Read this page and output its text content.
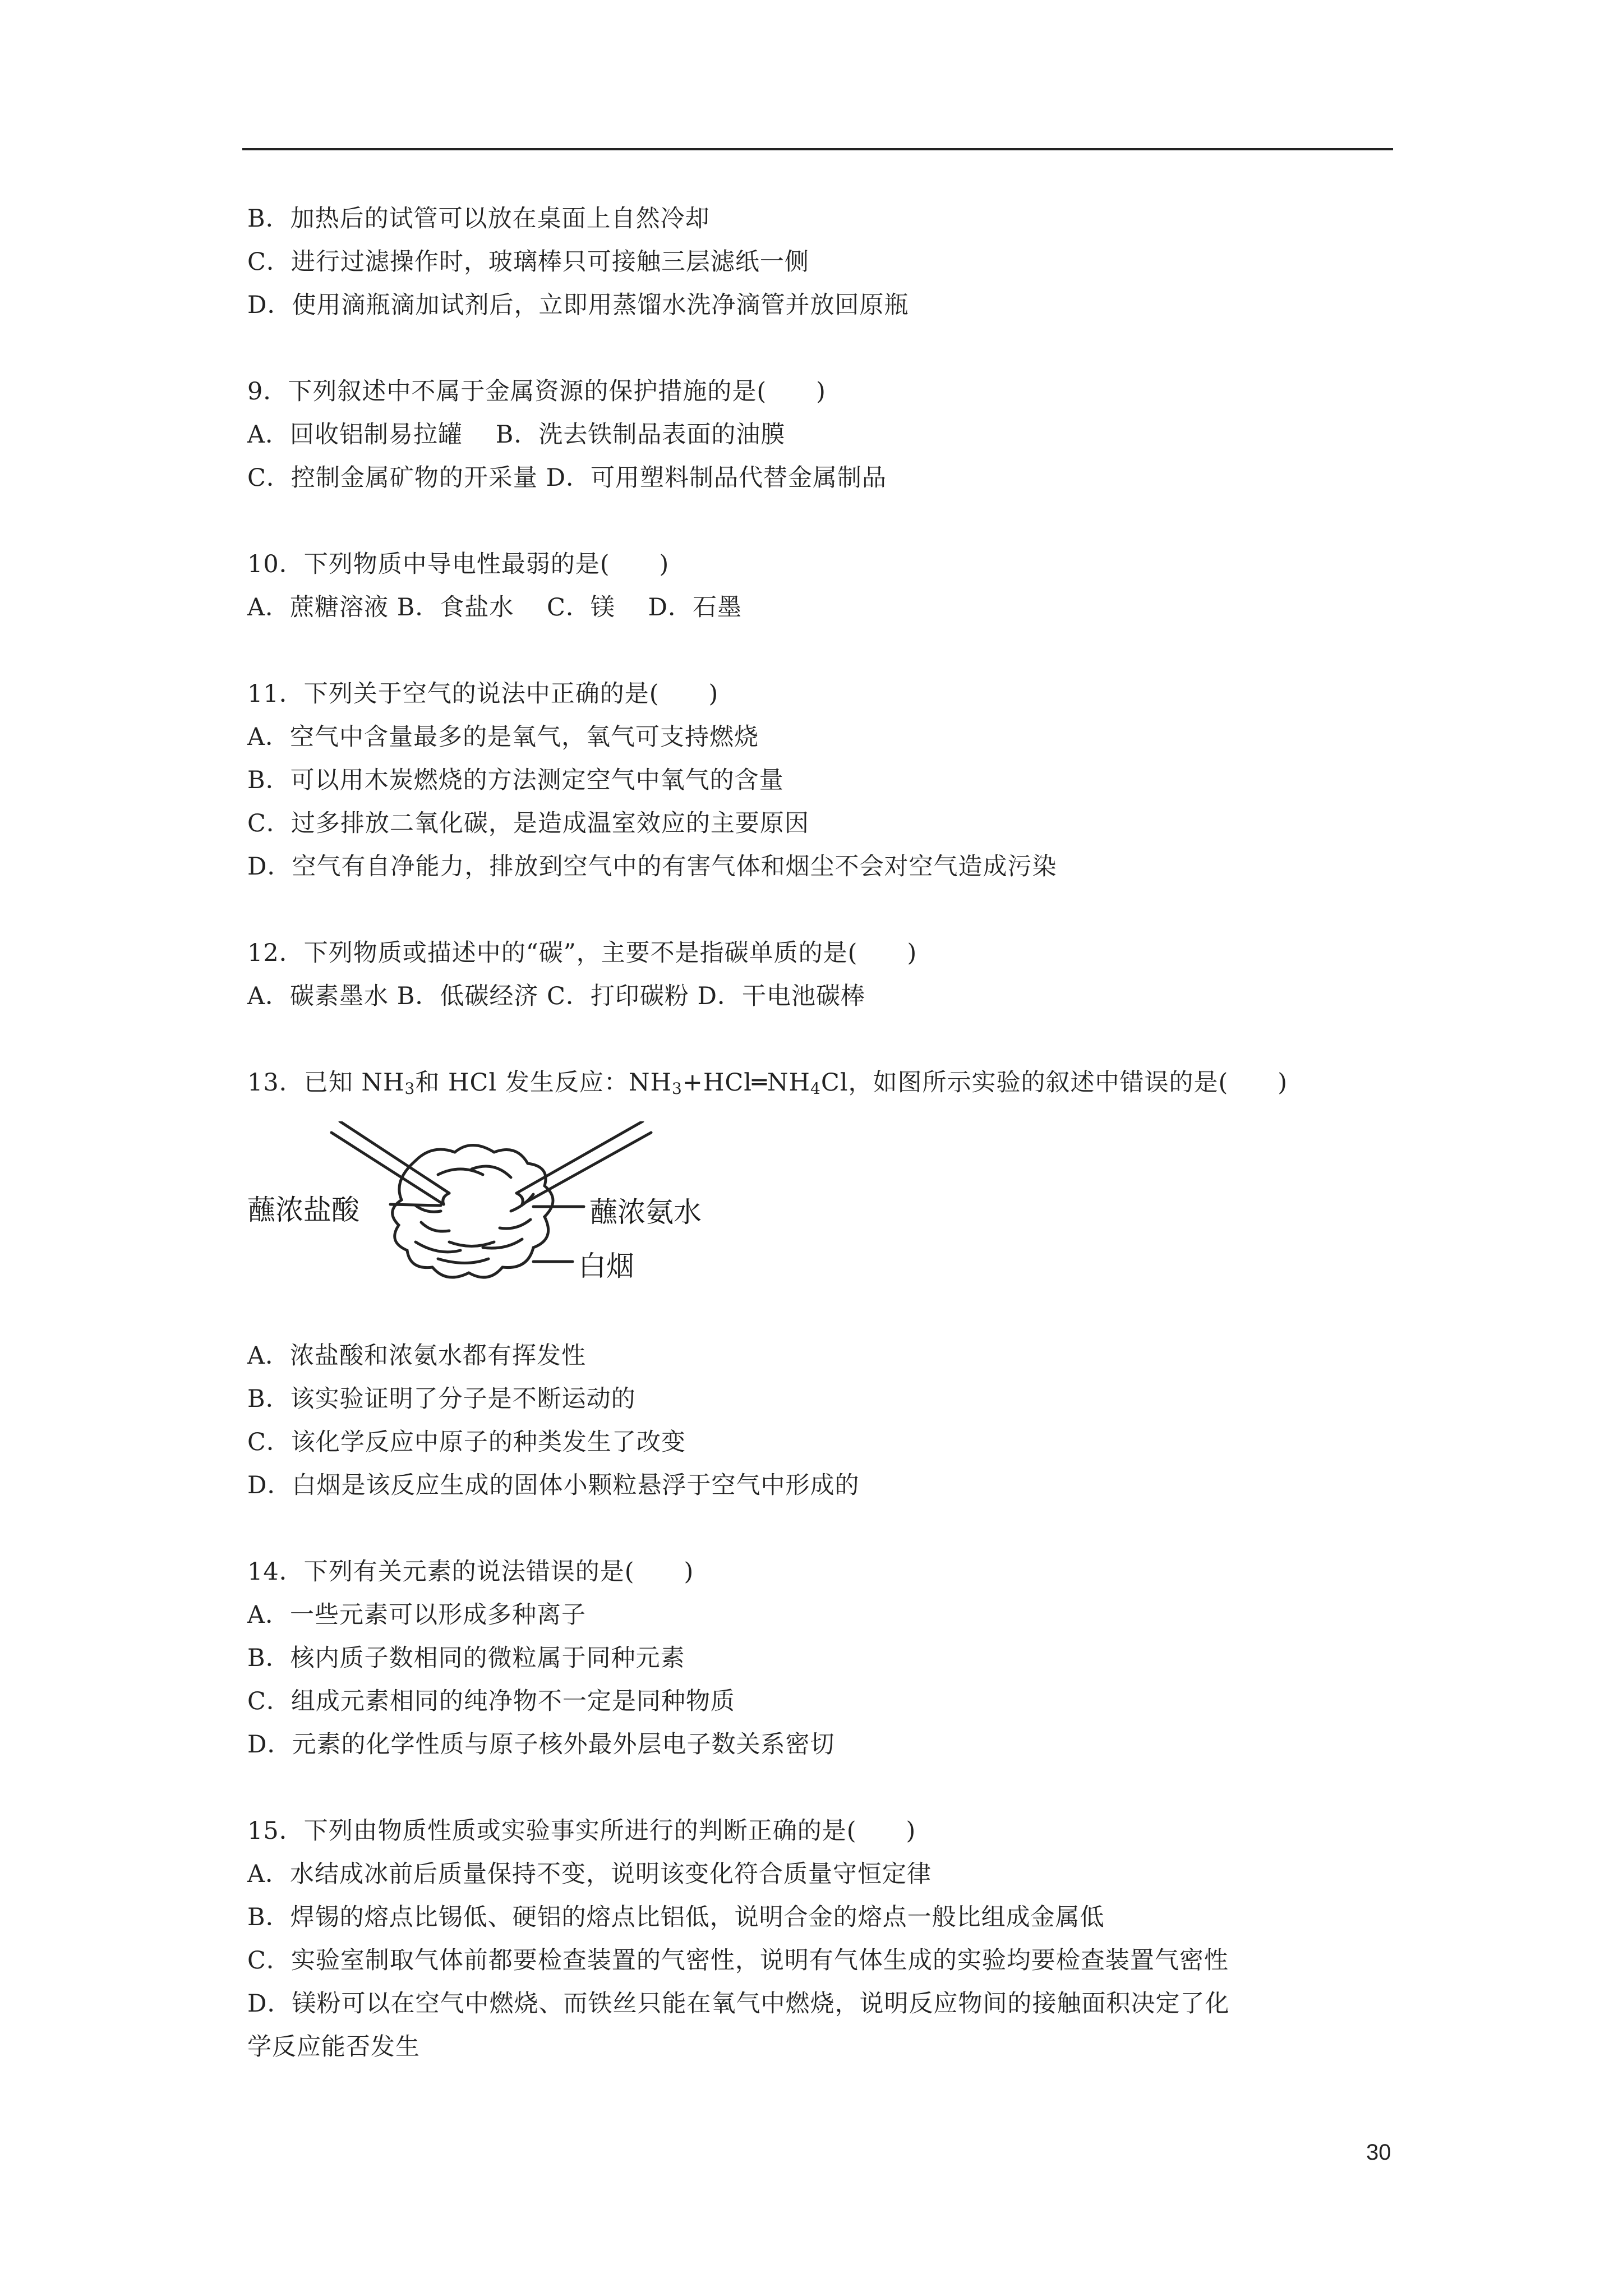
B．加热后的试管可以放在桌面上自然冷却
C．进行过滤操作时，玻璃棒只可接触三层滤纸一侧
D．使用滴瓶滴加试剂后，立即用蒸馏水洗净滴管并放回原瓶
9．下列叙述中不属于金属资源的保护措施的是(　　)
A．回收铝制易拉罐　 B．洗去铁制品表面的油膜
C．控制金属矿物的开采量 D．可用塑料制品代替金属制品
10．下列物质中导电性最弱的是(　　)
A．蔗糖溶液 B．食盐水　 C．镁　 D．石墨
11．下列关于空气的说法中正确的是(　　)
A．空气中含量最多的是氧气，氧气可支持燃烧
B．可以用木炭燃烧的方法测定空气中氧气的含量
C．过多排放二氧化碳，是造成温室效应的主要原因
D．空气有自净能力，排放到空气中的有害气体和烟尘不会对空气造成污染
12．下列物质或描述中的“碳”，主要不是指碳单质的是(　　)
A．碳素墨水 B．低碳经济 C．打印碳粉 D．干电池碳棒
13．已知 $NH_3$和 HCl 发生反应：$NH_3+HCl═NH_4Cl$，如图所示实验的叙述中错误的是(　　)
蘸浓盐酸	蘸浓氨水
白烟
A．浓盐酸和浓氨水都有挥发性
B．该实验证明了分子是不断运动的
C．该化学反应中原子的种类发生了改变
D．白烟是该反应生成的固体小颗粒悬浮于空气中形成的
14．下列有关元素的说法错误的是(　　)
A．一些元素可以形成多种离子
B．核内质子数相同的微粒属于同种元素
C．组成元素相同的纯净物不一定是同种物质
D．元素的化学性质与原子核外最外层电子数关系密切
15．下列由物质性质或实验事实所进行的判断正确的是(　　)
A．水结成冰前后质量保持不变，说明该变化符合质量守恒定律
B．焊锡的熔点比锡低、硬铝的熔点比铝低，说明合金的熔点一般比组成金属低
C．实验室制取气体前都要检查装置的气密性，说明有气体生成的实验均要检查装置气密性
D．镁粉可以在空气中燃烧、而铁丝只能在氧气中燃烧，说明反应物间的接触面积决定了化
学反应能否发生
30
